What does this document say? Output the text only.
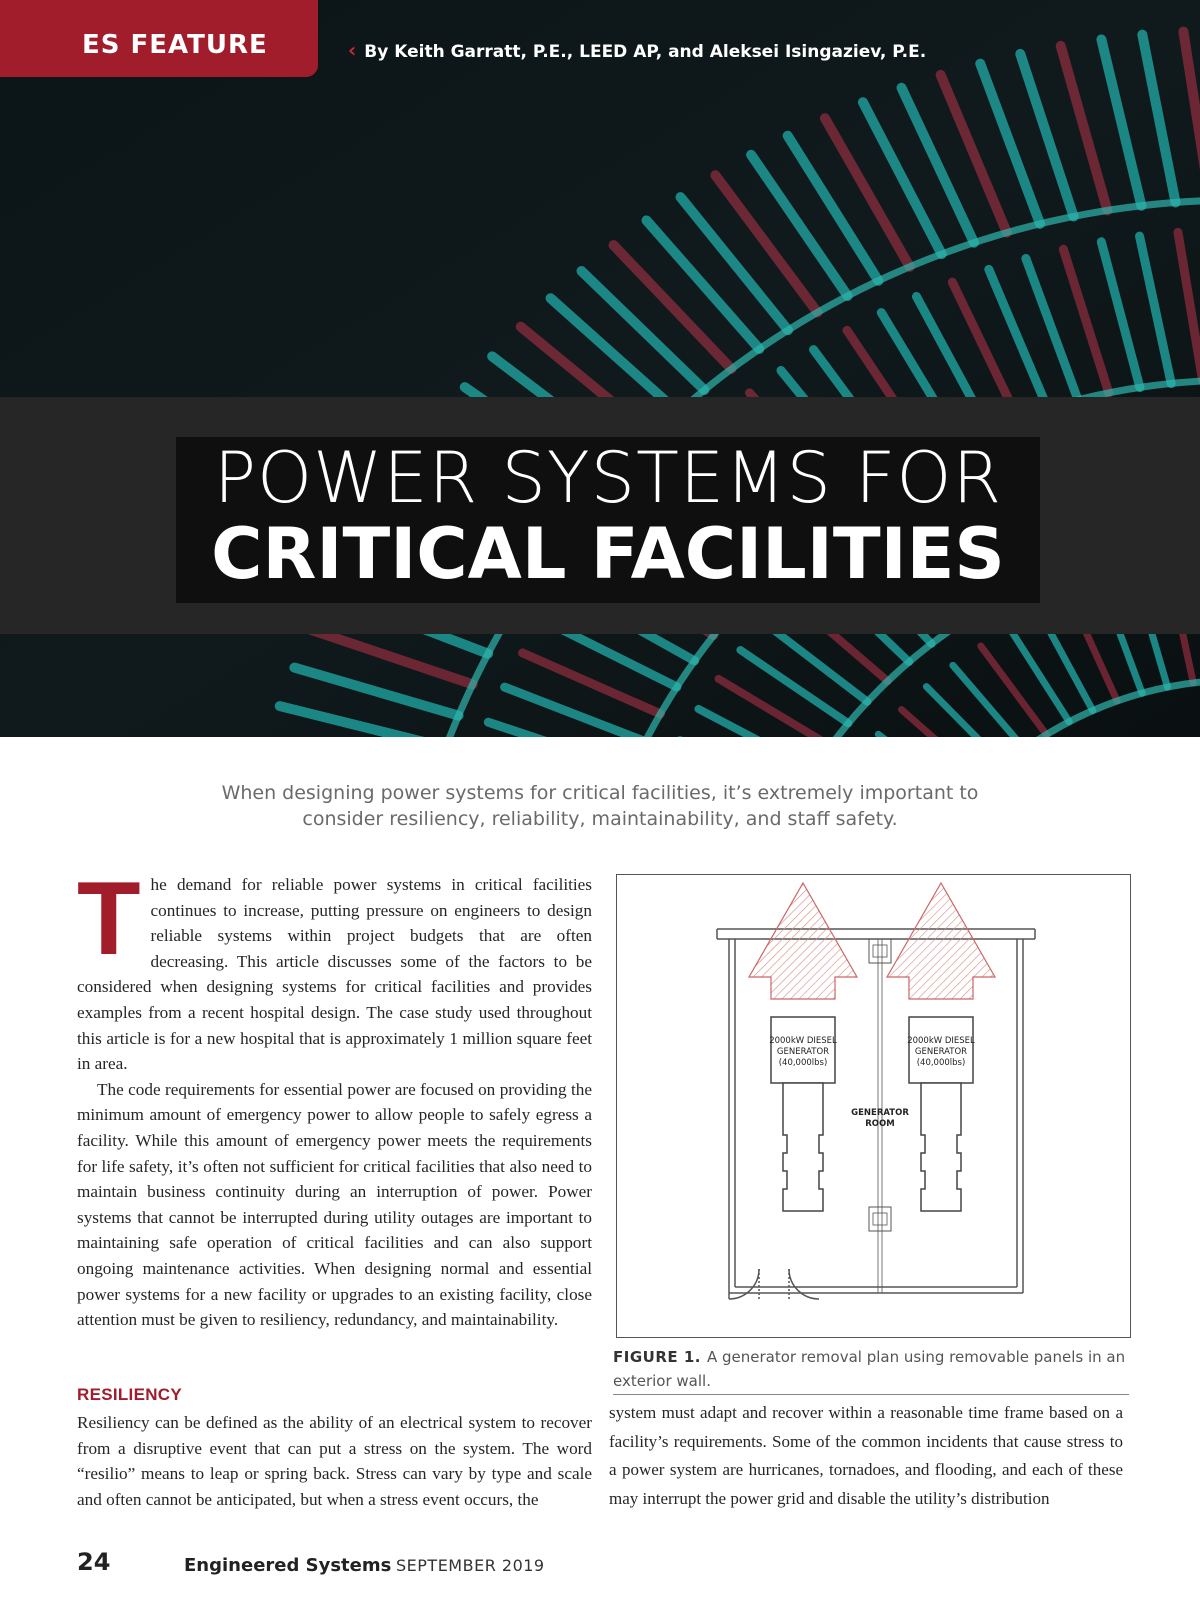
ES FEATURE	‹ By Keith Garratt, P.E., LEED AP, and Aleksei Isingaziev, P.E.
POWER SYSTEMS FOR
CRITICAL FACILITIES
When designing power systems for critical facilities, it’s extremely important to consider resiliency, reliability, maintainability, and staff safety.
T he demand for reliable power systems in critical facilities continues to increase, putting pressure on engineers to design reliable systems within project budgets that are often decreasing. This article discusses some of the factors to be considered when designing systems for critical facilities and provides examples from a recent hospital design. The case study used throughout this article is for a new hospital that is approximately 1 million square feet in area.

The code requirements for essential power are focused on providing the minimum amount of emergency power to allow people to safely egress a facility. While this amount of emergency power meets the requirements for life safety, it’s often not sufficient for critical facilities that also need to maintain business continuity during an interruption of power. Power systems that cannot be interrupted during utility outages are important to maintaining safe operation of critical facilities and can also support ongoing maintenance activities. When designing normal and essential power systems for a new facility or upgrades to an existing facility, close attention must be given to resiliency, redundancy, and maintainability.

RESILIENCY

Resiliency can be defined as the ability of an electrical system to recover from a disruptive event that can put a stress on the system. The word “resilio” means to leap or spring back. Stress can vary by type and scale and often cannot be anticipated, but when a stress event occurs, the

2000kW DIESEL
GENERATOR
(40,000lbs)
2000kW DIESEL
GENERATOR
(40,000lbs)
GENERATOR
ROOM
FIGURE 1. A generator removal plan using removable panels in an exterior wall.

system must adapt and recover within a reasonable time frame based on a facility’s requirements. Some of the common incidents that cause stress to a power system are hurricanes, tornadoes, and flooding, and each of these may interrupt the power grid and disable the utility’s distribution

24	Engineered Systems SEPTEMBER 2019
